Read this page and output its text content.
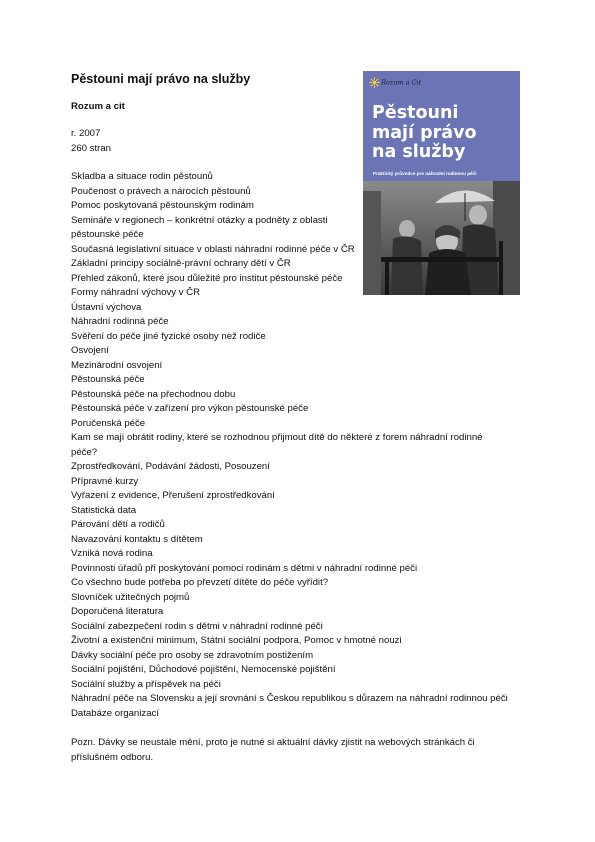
Pěstouni mají právo na služby
Rozum a cit
r. 2007
260 stran
Skladba a situace rodin pěstounů
Poučenost o právech a nárocích pěstounů
Pomoc poskytovaná pěstounským rodinám
Semináře v regionech – konkrétní otázky a podněty z oblasti
pěstounské péče
Současná legislativní situace v oblasti náhradní rodinné péče v ČR
Základní principy sociálně-právní ochrany dětí v ČR
Přehled zákonů, které jsou důležité pro institut pěstounské péče
Formy náhradní výchovy v ČR
Ústavní výchova
Náhradní rodinná péče
Svěření do péče jiné fyzické osoby než rodiče
Osvojení
Mezinárodní osvojení
Pěstounská péče
Pěstounská péče na přechodnou dobu
Pěstounská péče v zařízení pro výkon pěstounské péče
Poručenská péče
Kam se mají obrátit rodiny, které se rozhodnou přijmout dítě do některé z forem náhradní rodinné
péče?
Zprostředkování, Podávání žádosti, Posouzení
Přípravné kurzy
Vyřazení z evidence, Přerušení zprostředkování
Statistická data
Párování dětí a rodičů
Navazování kontaktu s dítětem
Vzniká nová rodina
Povinnosti úřadů při poskytování pomoci rodinám s dětmi v náhradní rodinné péči
Co všechno bude potřeba po převzetí dítěte do péče vyřídit?
Slovníček užitečných pojmů
Doporučená literatura
Sociální zabezpečení rodin s dětmi v náhradní rodinné péči
Životní a existenční minimum, Státní sociální podpora, Pomoc v hmotné nouzi
Dávky sociální péče pro osoby se zdravotním postižením
Sociální pojištění, Důchodové pojištění, Nemocenské pojištění
Sociální služby a příspěvek na péči
Náhradní péče na Slovensku a její srovnání s Českou republikou s důrazem na náhradní rodinnou péči
Databáze organizací
Pozn. Dávky se neustále mění, proto je nutné si aktuální dávky zjistit na webových stránkách či
příslušném odboru.
Rozum a Cit
Pěstouni
mají právo
na služby
Praktický průvodce pro náhradní rodinnou péči
